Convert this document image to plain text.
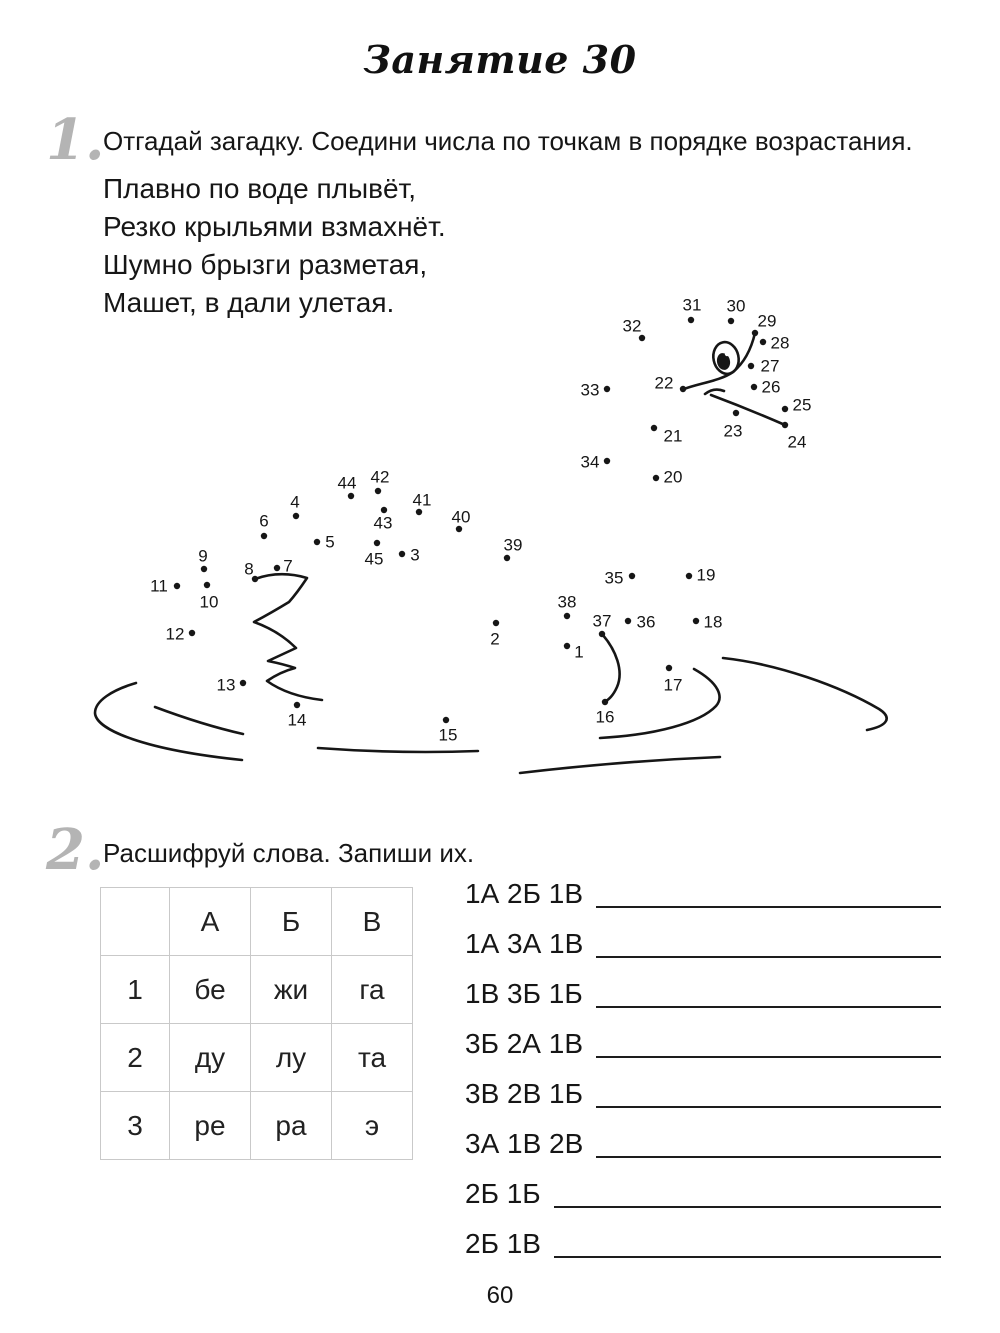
Занятие 30
1.
Отгадай загадку. Соедини числа по точкам в порядке возрастания.
Плавно по воде плывёт,
Резко крыльями взмахнёт.
Шумно брызги разметая,
Машет, в дали улетая.
1
2
3
4
5
6
7
8
9
10
11
12
13
14
15
16
17
18
19
20
21
22
23
24
25
26
27
28
29
30
31
32
33
34
35
36
37
38
39
40
41
42
43
44
45
2.
Расшифруй слова. Запиши их.
	А	Б	В
1	бе	жи	га
2	ду	лу	та
3	ре	ра	э
1А 2Б 1В
1А 3А 1В
1В 3Б 1Б
3Б 2А 1В
3В 2В 1Б
3А 1В 2В
2Б 1Б
2Б 1В
60
